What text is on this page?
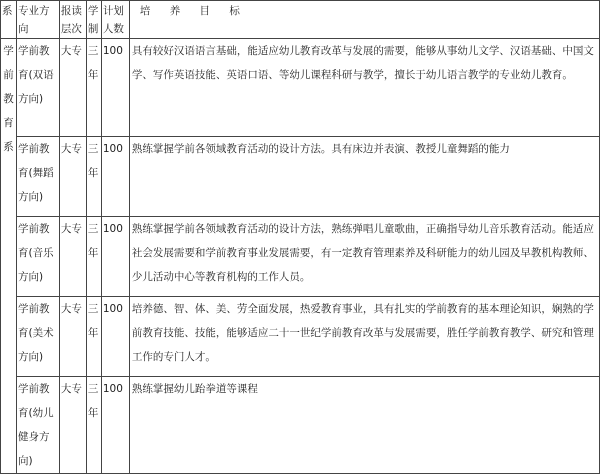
系	专业方向	报读层次	学制	计划人数	培 养 目 标
学前教育系	学前教育(双语方向)	大专	三年	100	具有较好汉语语言基础，能适应幼儿教育改革与发展的需要，能够从事幼儿文学、汉语基础、中国文学、写作英语技能、英语口语、等幼儿课程科研与教学，擅长于幼儿语言教学的专业幼儿教育。
	学前教育(舞蹈方向)	大专	三年	100	熟练掌握学前各领域教育活动的设计方法。具有床边并表演、教授儿童舞蹈的能力
	学前教育(音乐方向)	大专	三年	100	熟练掌握学前各领域教育活动的设计方法，熟练弹唱儿童歌曲，正确指导幼儿音乐教育活动。能适应社会发展需要和学前教育事业发展需要，有一定教育管理素养及科研能力的幼儿园及早教机构教师、少儿活动中心等教育机构的工作人员。
	学前教育(美术方向)	大专	三年	100	培养德、智、体、美、劳全面发展，热爱教育事业，具有扎实的学前教育的基本理论知识，娴熟的学前教育技能、技能，能够适应二十一世纪学前教育改革与发展需要，胜任学前教育教学、研究和管理工作的专门人才。
	学前教育(幼儿健身方向)	大专	三年	100	熟练掌握幼儿跆拳道等课程
